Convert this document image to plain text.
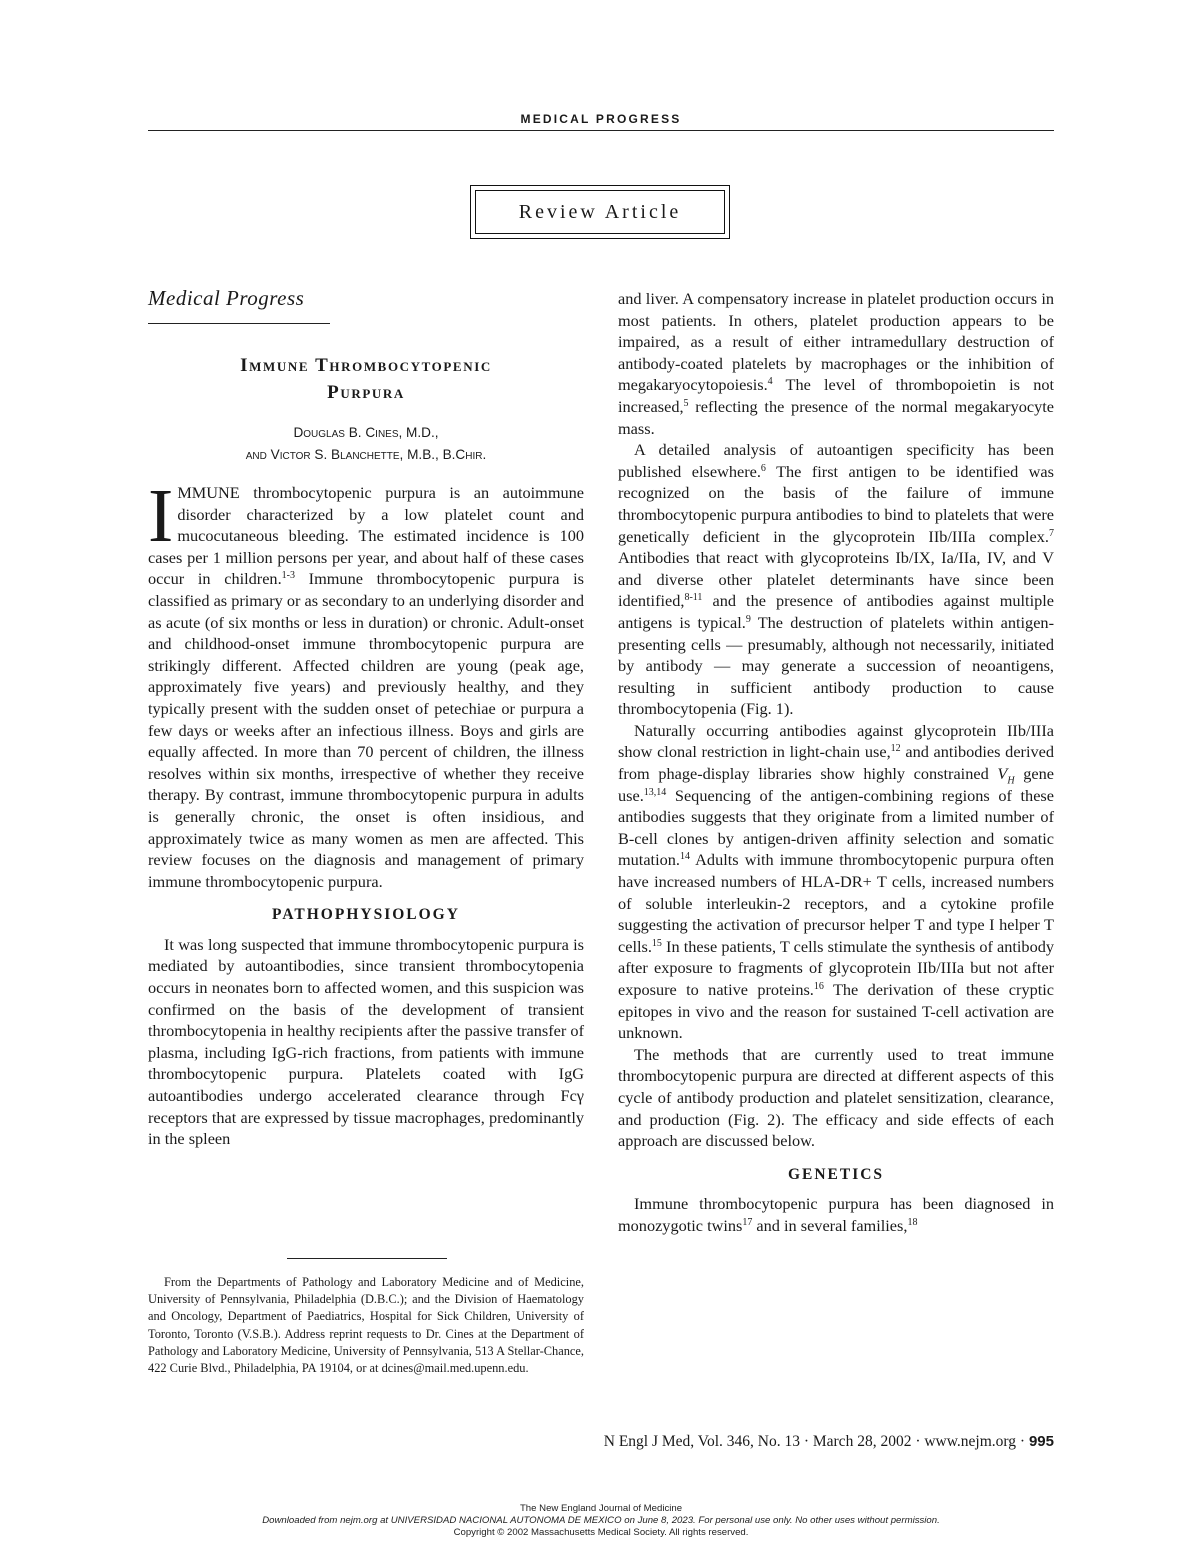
MEDICAL PROGRESS
Review Article
Medical Progress
Immune Thrombocytopenic
Purpura
Douglas B. Cines, M.D.,
and Victor S. Blanchette, M.B., B.Chir.

IMMUNE thrombocytopenic purpura is an autoimmune disorder characterized by a low platelet count and mucocutaneous bleeding. The estimated incidence is 100 cases per 1 million persons per year, and about half of these cases occur in children.$^{1-3}$ Immune thrombocytopenic purpura is classified as primary or as secondary to an underlying disorder and as acute (of six months or less in duration) or chronic. Adult-onset and childhood-onset immune thrombocytopenic purpura are strikingly different. Affected children are young (peak age, approximately five years) and previously healthy, and they typically present with the sudden onset of petechiae or purpura a few days or weeks after an infectious illness. Boys and girls are equally affected. In more than 70 percent of children, the illness resolves within six months, irrespective of whether they receive therapy. By contrast, immune thrombocytopenic purpura in adults is generally chronic, the onset is often insidious, and approximately twice as many women as men are affected. This review focuses on the diagnosis and management of primary immune thrombocytopenic purpura.

PATHOPHYSIOLOGY

It was long suspected that immune thrombocytopenic purpura is mediated by autoantibodies, since transient thrombocytopenia occurs in neonates born to affected women, and this suspicion was confirmed on the basis of the development of transient thrombocytopenia in healthy recipients after the passive transfer of plasma, including IgG-rich fractions, from patients with immune thrombocytopenic purpura. Platelets coated with IgG autoantibodies undergo accelerated clearance through Fcγ receptors that are expressed by tissue macrophages, predominantly in the spleen

From the Departments of Pathology and Laboratory Medicine and of Medicine, University of Pennsylvania, Philadelphia (D.B.C.); and the Division of Haematology and Oncology, Department of Paediatrics, Hospital for Sick Children, University of Toronto, Toronto (V.S.B.). Address reprint requests to Dr. Cines at the Department of Pathology and Laboratory Medicine, University of Pennsylvania, 513 A Stellar-Chance, 422 Curie Blvd., Philadelphia, PA 19104, or at dcines@mail.med.upenn.edu.

and liver. A compensatory increase in platelet production occurs in most patients. In others, platelet production appears to be impaired, as a result of either intramedullary destruction of antibody-coated platelets by macrophages or the inhibition of megakaryocytopoiesis.$^4$ The level of thrombopoietin is not increased,$^5$ reflecting the presence of the normal megakaryocyte mass.

A detailed analysis of autoantigen specificity has been published elsewhere.$^6$ The first antigen to be identified was recognized on the basis of the failure of immune thrombocytopenic purpura antibodies to bind to platelets that were genetically deficient in the glycoprotein IIb/IIIa complex.$^7$ Antibodies that react with glycoproteins Ib/IX, Ia/IIa, IV, and V and diverse other platelet determinants have since been identified,$^{8-11}$ and the presence of antibodies against multiple antigens is typical.$^9$ The destruction of platelets within antigen-presenting cells — presumably, although not necessarily, initiated by antibody — may generate a succession of neoantigens, resulting in sufficient antibody production to cause thrombocytopenia (Fig. 1).

Naturally occurring antibodies against glycoprotein IIb/IIIa show clonal restriction in light-chain use,$^{12}$ and antibodies derived from phage-display libraries show highly constrained $V_H$ gene use.$^{13,14}$ Sequencing of the antigen-combining regions of these antibodies suggests that they originate from a limited number of B-cell clones by antigen-driven affinity selection and somatic mutation.$^{14}$ Adults with immune thrombocytopenic purpura often have increased numbers of HLA-DR+ T cells, increased numbers of soluble interleukin-2 receptors, and a cytokine profile suggesting the activation of precursor helper T and type I helper T cells.$^{15}$ In these patients, T cells stimulate the synthesis of antibody after exposure to fragments of glycoprotein IIb/IIIa but not after exposure to native proteins.$^{16}$ The derivation of these cryptic epitopes in vivo and the reason for sustained T-cell activation are unknown.

The methods that are currently used to treat immune thrombocytopenic purpura are directed at different aspects of this cycle of antibody production and platelet sensitization, clearance, and production (Fig. 2). The efficacy and side effects of each approach are discussed below.

GENETICS

Immune thrombocytopenic purpura has been diagnosed in monozygotic twins$^{17}$ and in several families,$^{18}$

N Engl J Med, Vol. 346, No. 13 · March 28, 2002 · www.nejm.org · 995
The New England Journal of Medicine
Downloaded from nejm.org at UNIVERSIDAD NACIONAL AUTONOMA DE MEXICO on June 8, 2023. For personal use only. No other uses without permission.
Copyright © 2002 Massachusetts Medical Society. All rights reserved.
